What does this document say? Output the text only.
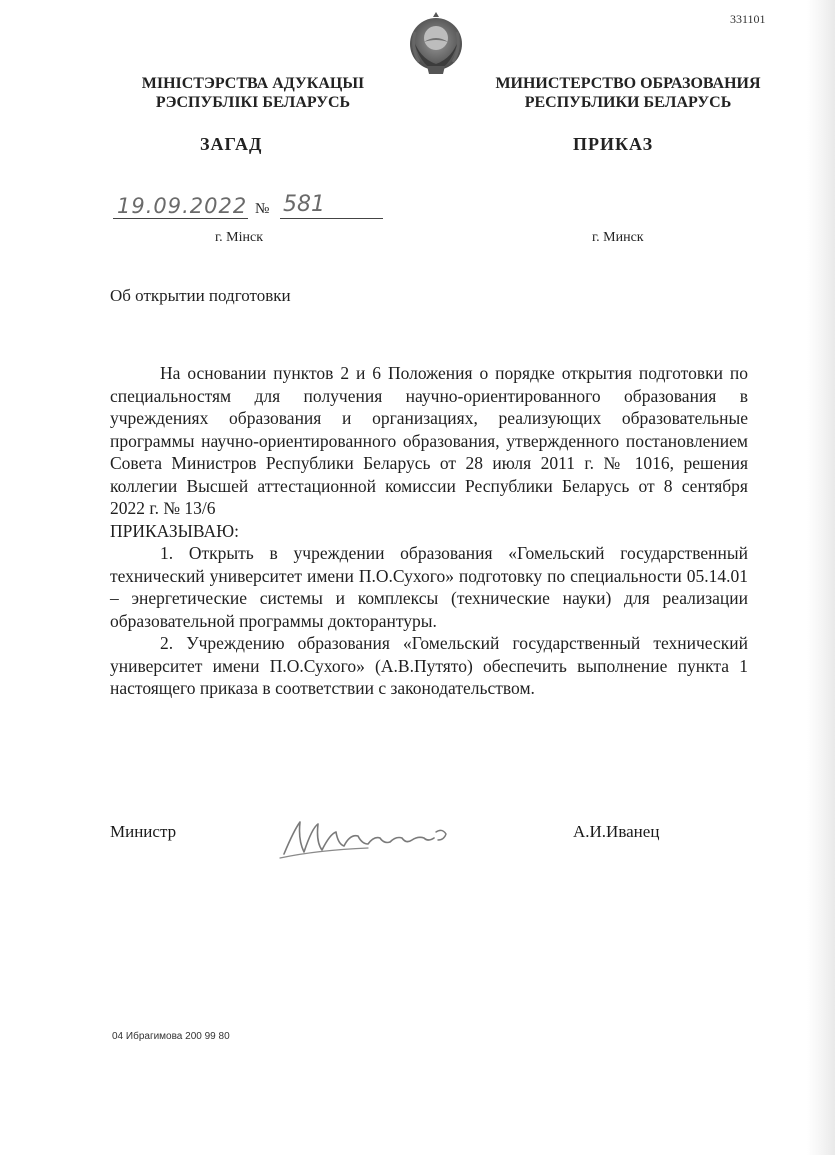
331101
МІНІСТЭРСТВА АДУКАЦЫІ
РЭСПУБЛІКІ БЕЛАРУСЬ
МИНИСТЕРСТВО ОБРАЗОВАНИЯ
РЕСПУБЛИКИ БЕЛАРУСЬ
ЗАГАД	ПРИКАЗ
19.09.2022 № 581
г. Мінск	г. Минск
Об открытии подготовки

На основании пунктов 2 и 6 Положения о порядке открытия подготовки по специальностям для получения научно-ориентированного образования в учреждениях образования и организациях, реализующих образовательные программы научно-ориентированного образования, утвержденного постановлением Совета Министров Республики Беларусь от 28 июля 2011 г. № 1016, решения коллегии Высшей аттестационной комиссии Республики Беларусь от 8 сентября 2022 г. № 13/6

ПРИКАЗЫВАЮ:

1. Открыть в учреждении образования «Гомельский государственный технический университет имени П.О.Сухого» подготовку по специальности 05.14.01 – энергетические системы и комплексы (технические науки) для реализации образовательной программы докторантуры.

2. Учреждению образования «Гомельский государственный технический университет имени П.О.Сухого» (А.В.Путято) обеспечить выполнение пункта 1 настоящего приказа в соответствии с законодательством.

Министр	А.И.Иванец
04 Ибрагимова 200 99 80
